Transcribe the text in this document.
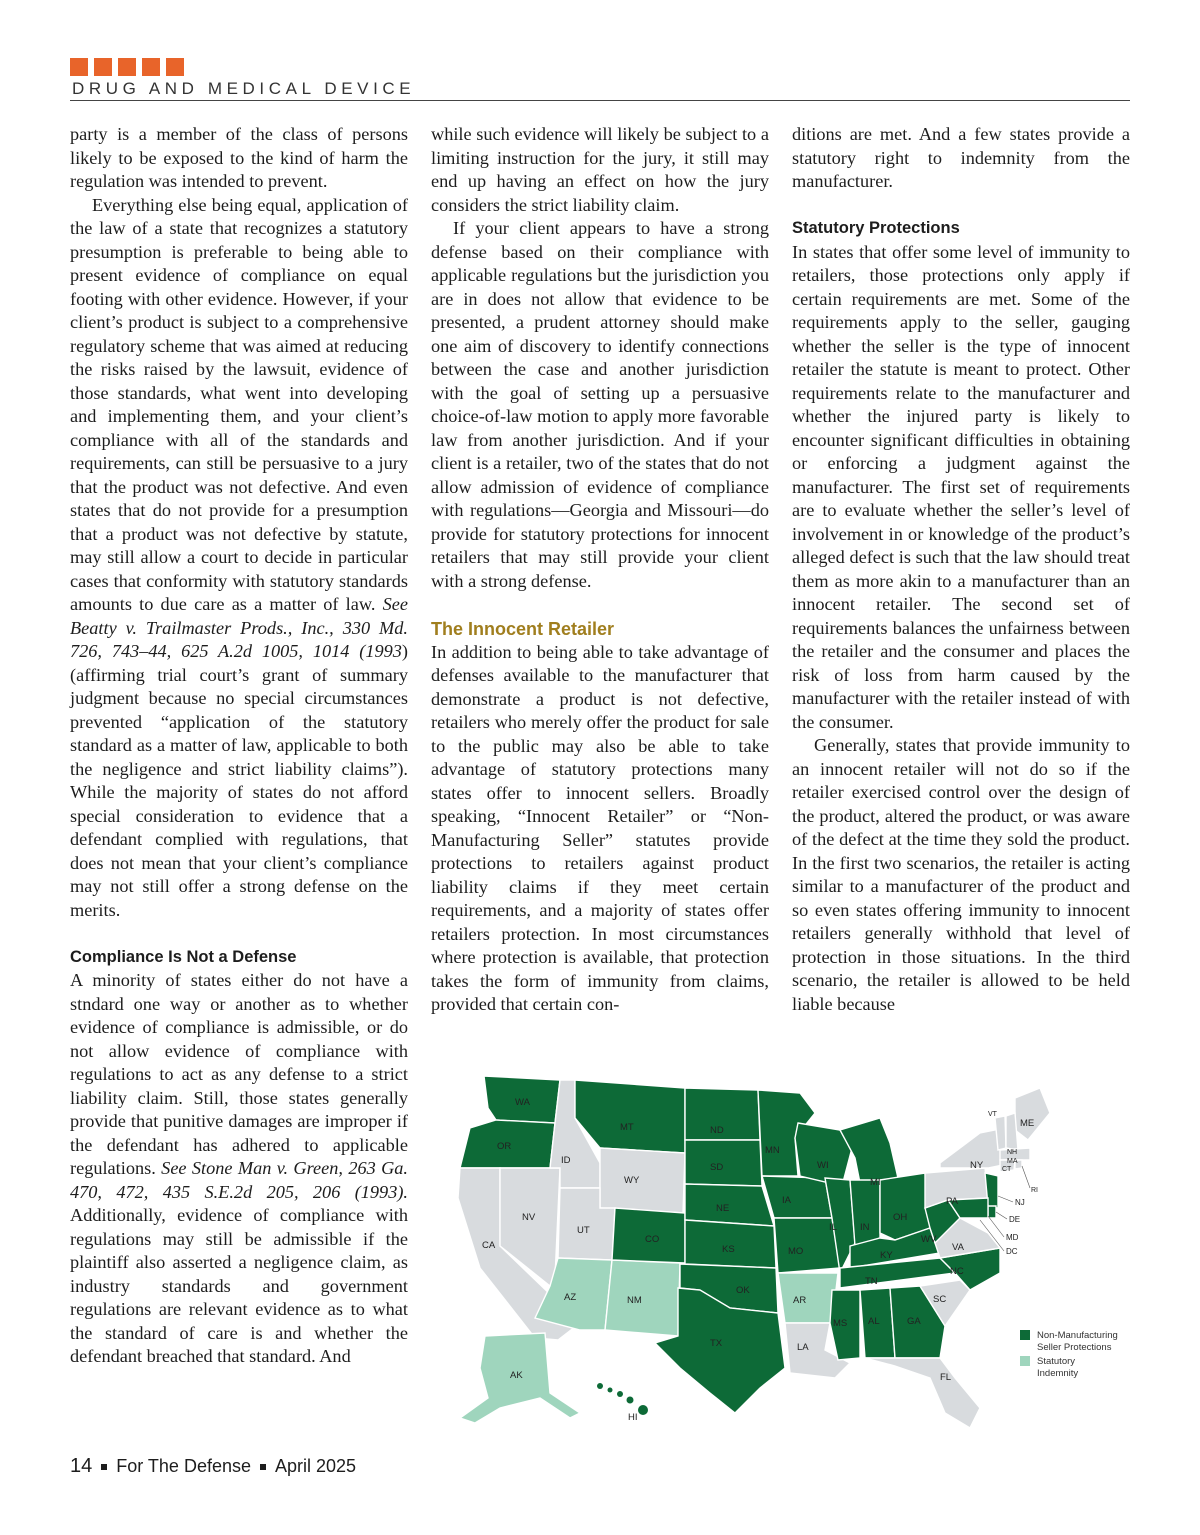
DRUG AND MEDICAL DEVICE

party is a member of the class of persons likely to be exposed to the kind of harm the regulation was intended to prevent.

Everything else being equal, application of the law of a state that recognizes a statutory presumption is preferable to being able to present evidence of compliance on equal footing with other evidence. However, if your client’s product is subject to a comprehensive regulatory scheme that was aimed at reducing the risks raised by the lawsuit, evidence of those standards, what went into developing and implementing them, and your client’s compliance with all of the standards and requirements, can still be persuasive to a jury that the product was not defective. And even states that do not provide for a presumption that a product was not defective by statute, may still allow a court to decide in particular cases that conformity with statutory standards amounts to due care as a matter of law. See Beatty v. Trailmaster Prods., Inc., 330 Md. 726, 743–44, 625 A.2d 1005, 1014 (1993) (affirming trial court’s grant of summary judgment because no special circumstances prevented “application of the statutory standard as a matter of law, applicable to both the negligence and strict liability claims”). While the majority of states do not afford special consideration to evidence that a defendant complied with regulations, that does not mean that your client’s compliance may not still offer a strong defense on the merits.

Compliance Is Not a Defense

A minority of states either do not have a stndard one way or another as to whether evidence of compliance is admissible, or do not allow evidence of compliance with regulations to act as any defense to a strict liability claim. Still, those states generally provide that punitive damages are improper if the defendant has adhered to applicable regulations. See Stone Man v. Green, 263 Ga. 470, 472, 435 S.E.2d 205, 206 (1993). Additionally, evidence of compliance with regulations may still be admissible if the plaintiff also asserted a negligence claim, as industry standards and government regulations are relevant evidence as to what the standard of care is and whether the defendant breached that standard. And

while such evidence will likely be subject to a limiting instruction for the jury, it still may end up having an effect on how the jury considers the strict liability claim.

If your client appears to have a strong defense based on their compliance with applicable regulations but the jurisdiction you are in does not allow that evidence to be presented, a prudent attorney should make one aim of discovery to identify connections between the case and another jurisdiction with the goal of setting up a persuasive choice-of-law motion to apply more favorable law from another jurisdiction. And if your client is a retailer, two of the states that do not allow admission of evidence of compliance with regulations—Georgia and Missouri—do provide for statutory protections for innocent retailers that may still provide your client with a strong defense.

The Innocent Retailer

In addition to being able to take advantage of defenses available to the manufacturer that demonstrate a product is not defective, retailers who merely offer the product for sale to the public may also be able to take advantage of statutory protections many states offer to innocent sellers. Broadly speaking, “Innocent Retailer” or “Non-Manufacturing Seller” statutes provide protections to retailers against product liability claims if they meet certain requirements, and a majority of states offer retailers protection. In most circumstances where protection is available, that protection takes the form of immunity from claims, provided that certain con-

ditions are met. And a few states provide a statutory right to indemnity from the manufacturer.

Statutory Protections

In states that offer some level of immunity to retailers, those protections only apply if certain requirements are met. Some of the requirements apply to the seller, gauging whether the seller is the type of innocent retailer the statute is meant to protect. Other requirements relate to the manufacturer and whether the injured party is likely to encounter significant difficulties in obtaining or enforcing a judgment against the manufacturer. The first set of requirements are to evaluate whether the seller’s level of involvement in or knowledge of the product’s alleged defect is such that the law should treat them as more akin to a manufacturer than an innocent retailer. The second set of requirements balances the unfairness between the retailer and the consumer and places the risk of loss from harm caused by the manufacturer with the retailer instead of with the consumer.

Generally, states that provide immunity to an innocent retailer will not do so if the retailer exercised control over the design of the product, altered the product, or was aware of the defect at the time they sold the product. In the first two scenarios, the retailer is acting similar to a manufacturer of the product and so even states offering immunity to innocent retailers generally withhold that level of protection in those situations. In the third scenario, the retailer is allowed to be held liable because

WA
OR
CA
NV
ID
MT
WY
UT
AZ	NM
CO
ND
SD
NE
KS
OK
TX
MN
IA
MO
AR
LA
WI
IL
MI
IN
OH
KY
TN
MS AL	GA
FL
SC
NC
VA
WV
PA
NY
ME
VT
NH
MA
CT
RI
NJ
DE
MD
DC
AK
HI
Non-Manufacturing
Seller Protections
Statutory
Indemnity
14 For The Defense April 2025
